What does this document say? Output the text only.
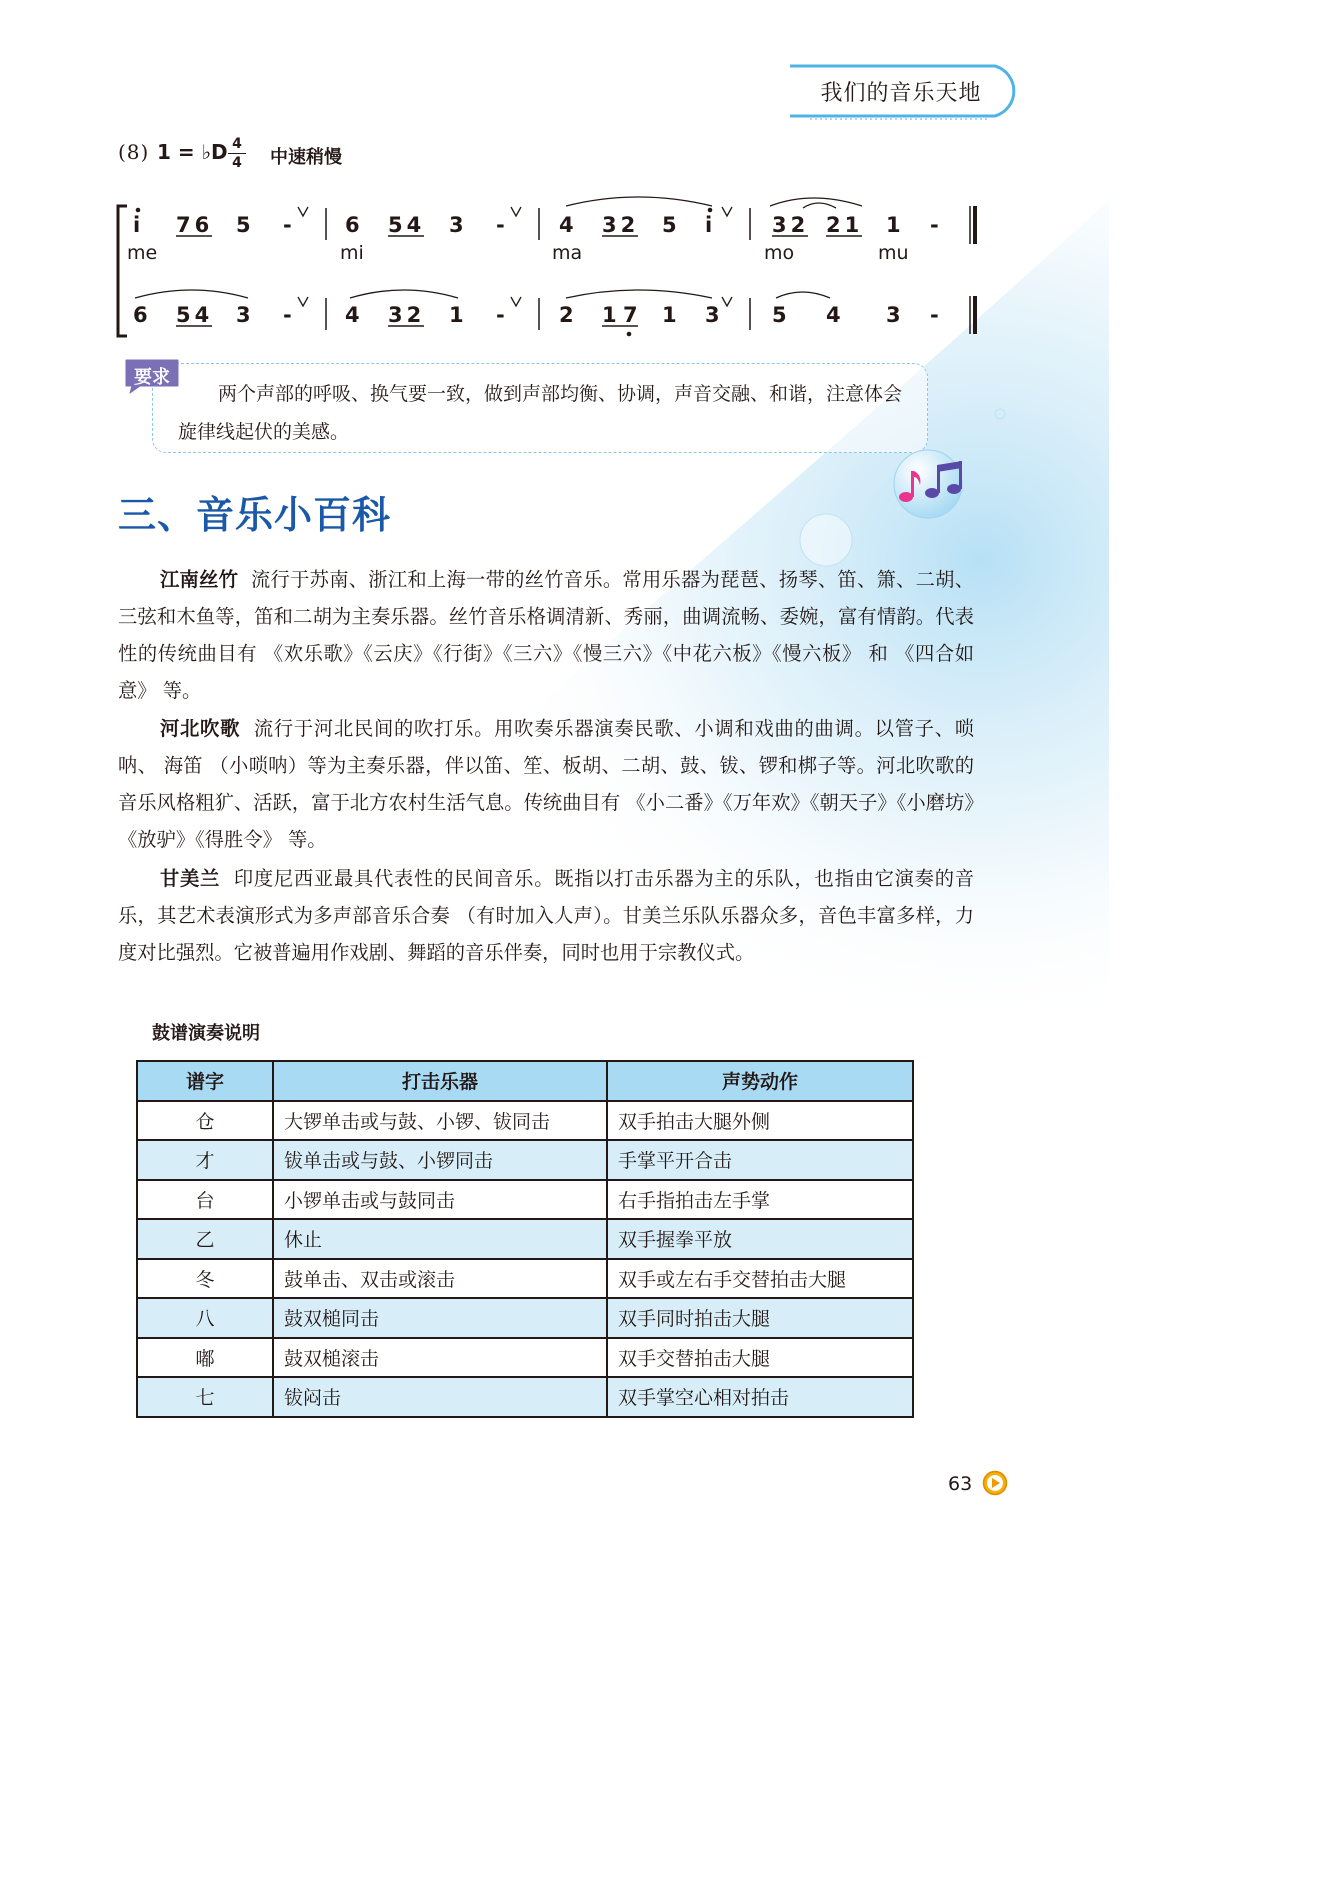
我们的音乐天地
(8) 1 = ♭D 4
4 中速稍慢
i 76 5 -	6 54 3 -	4 32 5 i	32 21 1 -
me	mi	ma	mo	mu
6 54 3 -	4 32 1 -	2 1 7 1 3 5 4 3 -
要求
两个声部的呼吸、换气要一致，做到声部均衡、协调，声音交融、和谐，注意体会旋律线起伏的美感。
三、音乐小百科
江南丝竹 流行于苏南、浙江和上海一带的丝竹音乐。常用乐器为琵琶、扬琴、笛、箫、二胡、三弦和木鱼等，笛和二胡为主奏乐器。丝竹音乐格调清新、秀丽，曲调流畅、委婉，富有情韵。代表性的传统曲目有 《欢乐歌》《云庆》《行街》《三六》《慢三六》《中花六板》《慢六板》 和 《四合如意》 等。
河北吹歌 流行于河北民间的吹打乐。用吹奏乐器演奏民歌、小调和戏曲的曲调。以管子、唢呐、 海笛 （小唢呐）等为主奏乐器，伴以笛、笙、板胡、二胡、鼓、钹、锣和梆子等。河北吹歌的音乐风格粗犷、活跃，富于北方农村生活气息。传统曲目有 《小二番》《万年欢》《朝天子》《小磨坊》《放驴》《得胜令》 等。
甘美兰 印度尼西亚最具代表性的民间音乐。既指以打击乐器为主的乐队，也指由它演奏的音乐，其艺术表演形式为多声部音乐合奏 （有时加入人声）。甘美兰乐队乐器众多，音色丰富多样，力度对比强烈。它被普遍用作戏剧、舞蹈的音乐伴奏，同时也用于宗教仪式。
鼓谱演奏说明
谱字	打击乐器	声势动作
仓	大锣单击或与鼓、小锣、钹同击	双手拍击大腿外侧
才	钹单击或与鼓、小锣同击	手掌平开合击
台	小锣单击或与鼓同击	右手指拍击左手掌
乙	休止	双手握拳平放
冬	鼓单击、双击或滚击	双手或左右手交替拍击大腿
八	鼓双槌同击	双手同时拍击大腿
嘟	鼓双槌滚击	双手交替拍击大腿
七	钹闷击	双手掌空心相对拍击
63
